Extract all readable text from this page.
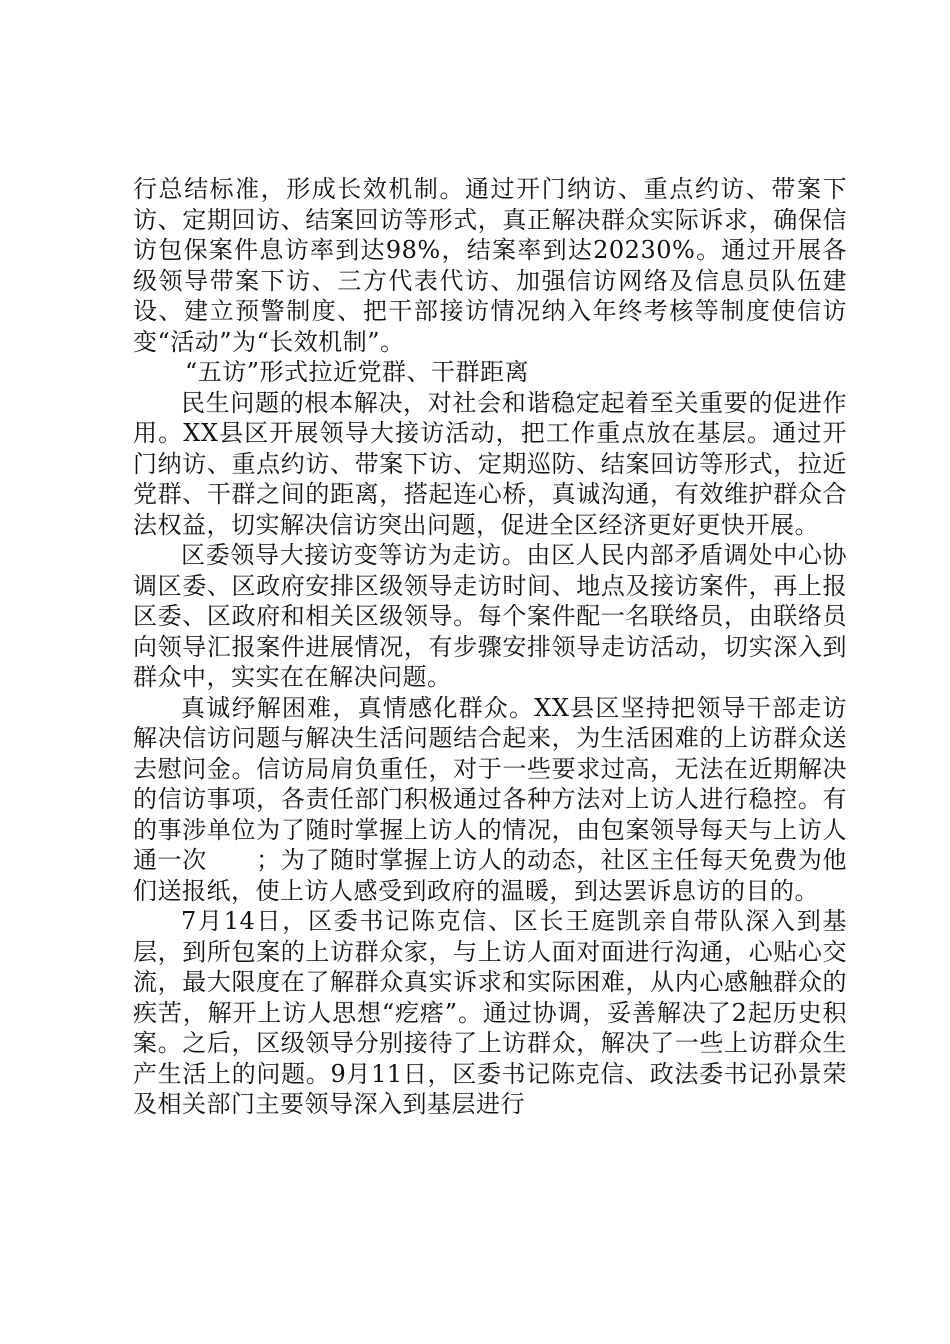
行总结标准，形成长效机制。通过开门纳访、重点约访、带案下访、定期回访、结案回访等形式，真正解决群众实际诉求，确保信访包保案件息访率到达98%，结案率到达20230%。通过开展各级领导带案下访、三方代表代访、加强信访网络及信息员队伍建设、建立预警制度、把干部接访情况纳入年终考核等制度使信访变“活动”为“长效机制”。

“五访”形式拉近党群、干群距离

民生问题的根本解决，对社会和谐稳定起着至关重要的促进作用。XX县区开展领导大接访活动，把工作重点放在基层。通过开门纳访、重点约访、带案下访、定期巡防、结案回访等形式，拉近党群、干群之间的距离，搭起连心桥，真诚沟通，有效维护群众合法权益，切实解决信访突出问题，促进全区经济更好更快开展。

区委领导大接访变等访为走访。由区人民内部矛盾调处中心协调区委、区政府安排区级领导走访时间、地点及接访案件，再上报区委、区政府和相关区级领导。每个案件配一名联络员，由联络员向领导汇报案件进展情况，有步骤安排领导走访活动，切实深入到群众中，实实在在解决问题。

真诚纾解困难，真情感化群众。XX县区坚持把领导干部走访解决信访问题与解决生活问题结合起来，为生活困难的上访群众送去慰问金。信访局肩负重任，对于一些要求过高，无法在近期解决的信访事项，各责任部门积极通过各种方法对上访人进行稳控。有的事涉单位为了随时掌握上访人的情况，由包案领导每天与上访人通一次　　；为了随时掌握上访人的动态，社区主任每天免费为他们送报纸，使上访人感受到政府的温暖，到达罢诉息访的目的。

7月14日，区委书记陈克信、区长王庭凯亲自带队深入到基层，到所包案的上访群众家，与上访人面对面进行沟通，心贴心交流，最大限度在了解群众真实诉求和实际困难，从内心感触群众的疾苦，解开上访人思想“疙瘩”。通过协调，妥善解决了2起历史积案。之后，区级领导分别接待了上访群众，解决了一些上访群众生产生活上的问题。9月11日，区委书记陈克信、政法委书记孙景荣及相关部门主要领导深入到基层进行
